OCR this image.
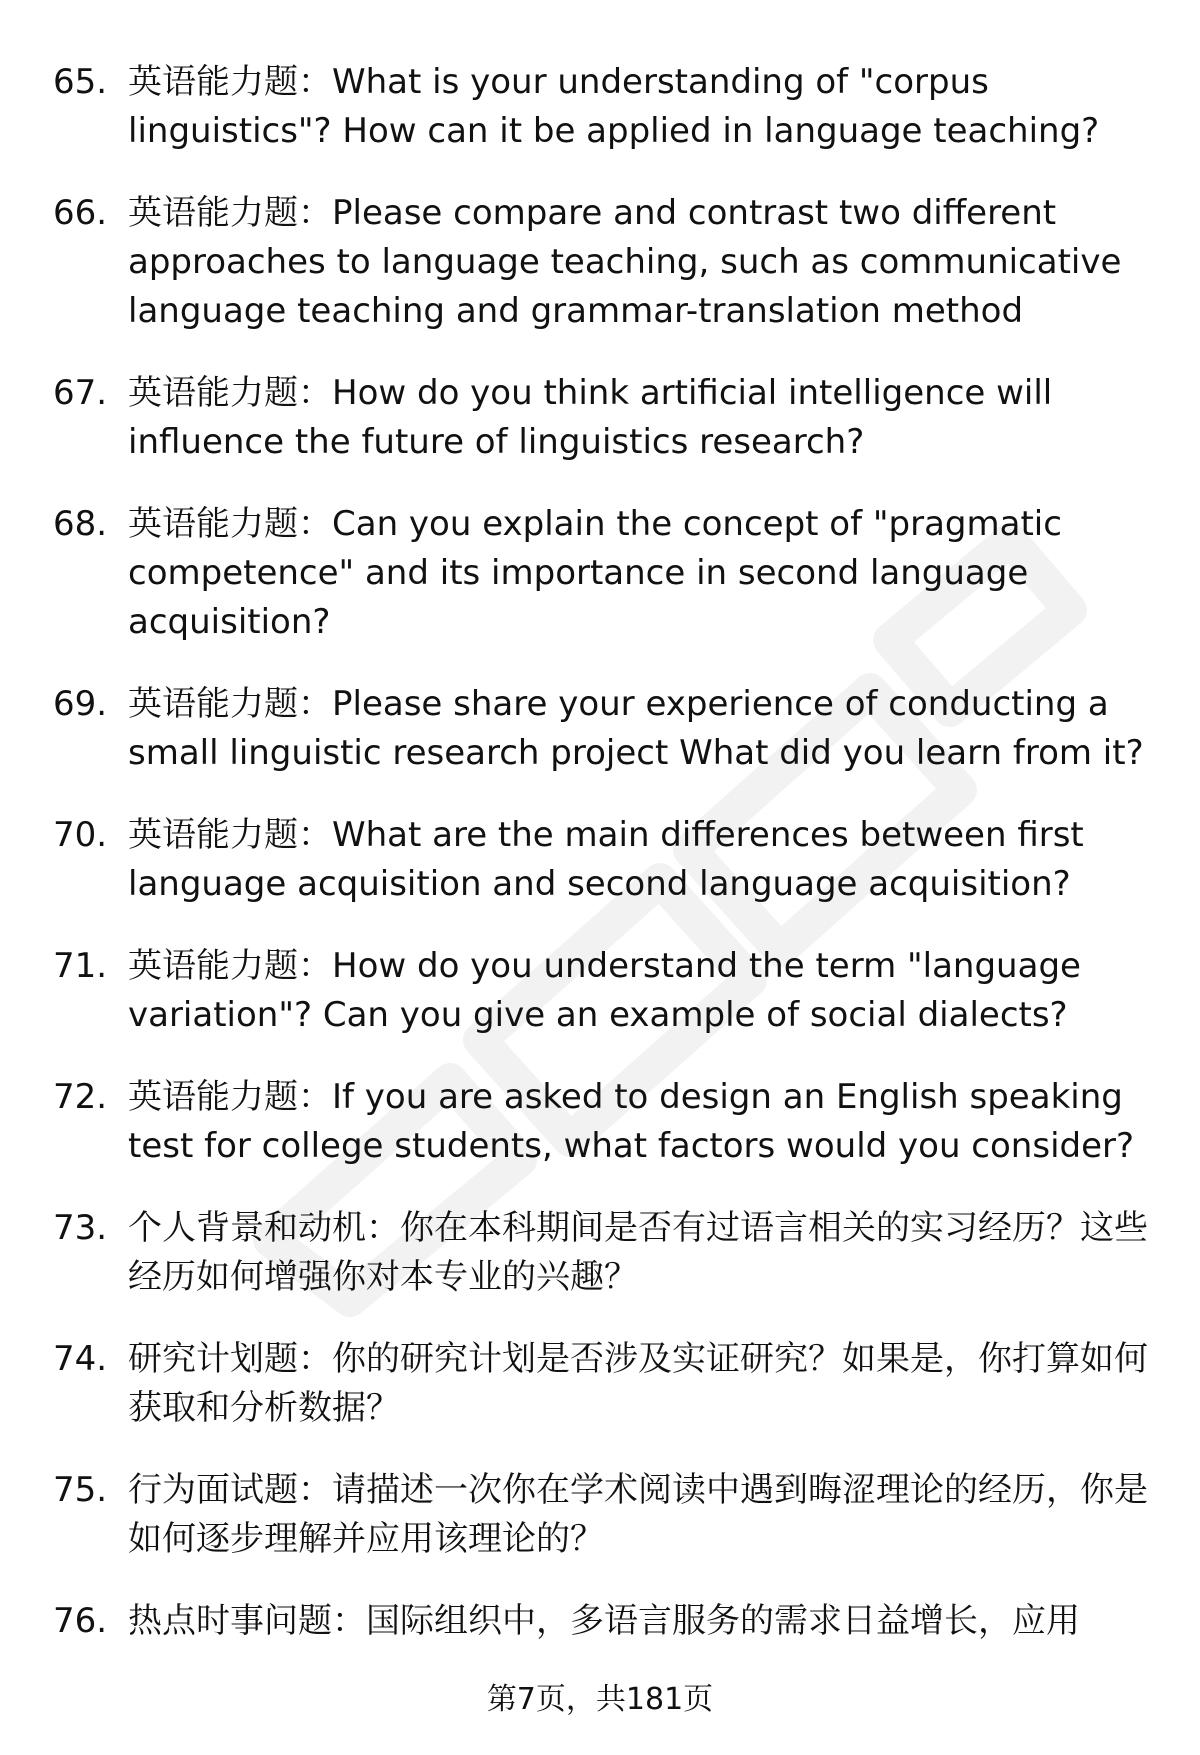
65. 英语能力题：What is your understanding of "corpus linguistics"? How can it be applied in language teaching?
66. 英语能力题：Please compare and contrast two different approaches to language teaching, such as communicative language teaching and grammar-translation method
67. 英语能力题：How do you think artificial intelligence will influence the future of linguistics research?
68. 英语能力题：Can you explain the concept of "pragmatic competence" and its importance in second language acquisition?
69. 英语能力题：Please share your experience of conducting a small linguistic research project What did you learn from it?
70. 英语能力题：What are the main differences between first language acquisition and second language acquisition?
71. 英语能力题：How do you understand the term "language variation"? Can you give an example of social dialects?
72. 英语能力题：If you are asked to design an English speaking test for college students, what factors would you consider?
73. 个人背景和动机：你在本科期间是否有过语言相关的实习经历？这些经历如何增强你对本专业的兴趣？
74. 研究计划题：你的研究计划是否涉及实证研究？如果是，你打算如何获取和分析数据？
75. 行为面试题：请描述一次你在学术阅读中遇到晦涩理论的经历，你是如何逐步理解并应用该理论的？
76. 热点时事问题：国际组织中，多语言服务的需求日益增长，应用
第7页，共181页
